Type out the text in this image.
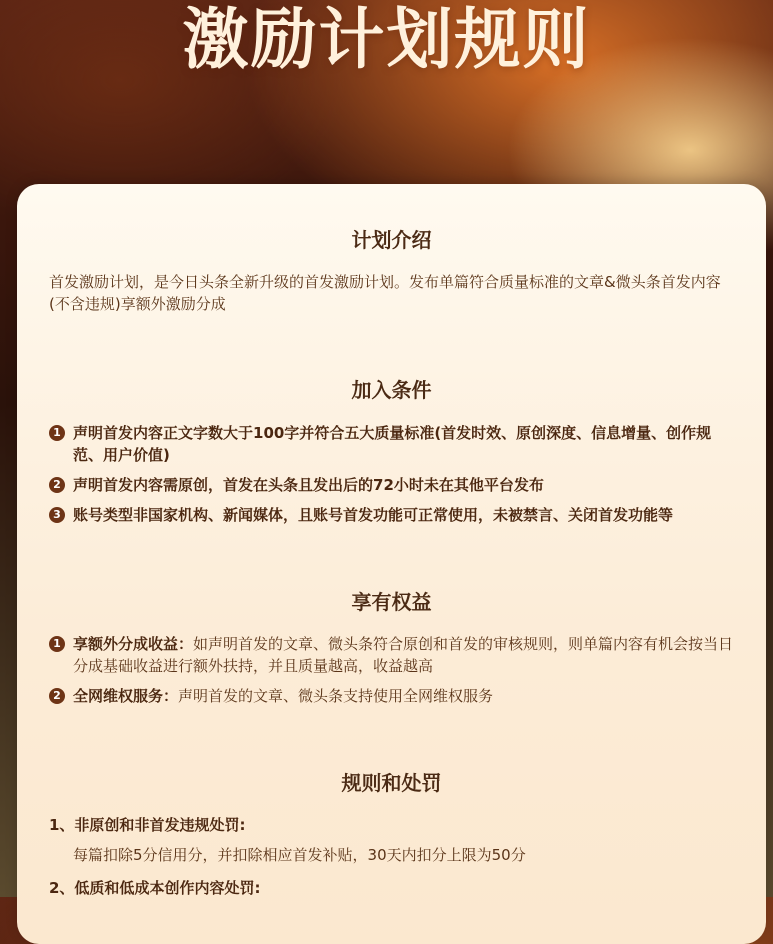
激励计划规则
计划介绍
首发激励计划，是今日头条全新升级的首发激励计划。发布单篇符合质量标准的文章&微头条首发内容(不含违规)享额外激励分成
加入条件
1 声明首发内容正文字数大于100字并符合五大质量标准(首发时效、原创深度、信息增量、创作规范、用户价值)
2 声明首发内容需原创，首发在头条且发出后的72小时未在其他平台发布
3 账号类型非国家机构、新闻媒体，且账号首发功能可正常使用，未被禁言、关闭首发功能等
享有权益
1 享额外分成收益：如声明首发的文章、微头条符合原创和首发的审核规则，则单篇内容有机会按当日分成基础收益进行额外扶持，并且质量越高，收益越高
2 全网维权服务：声明首发的文章、微头条支持使用全网维权服务
规则和处罚
1、非原创和非首发违规处罚:
每篇扣除5分信用分，并扣除相应首发补贴，30天内扣分上限为50分
2、低质和低成本创作内容处罚:
